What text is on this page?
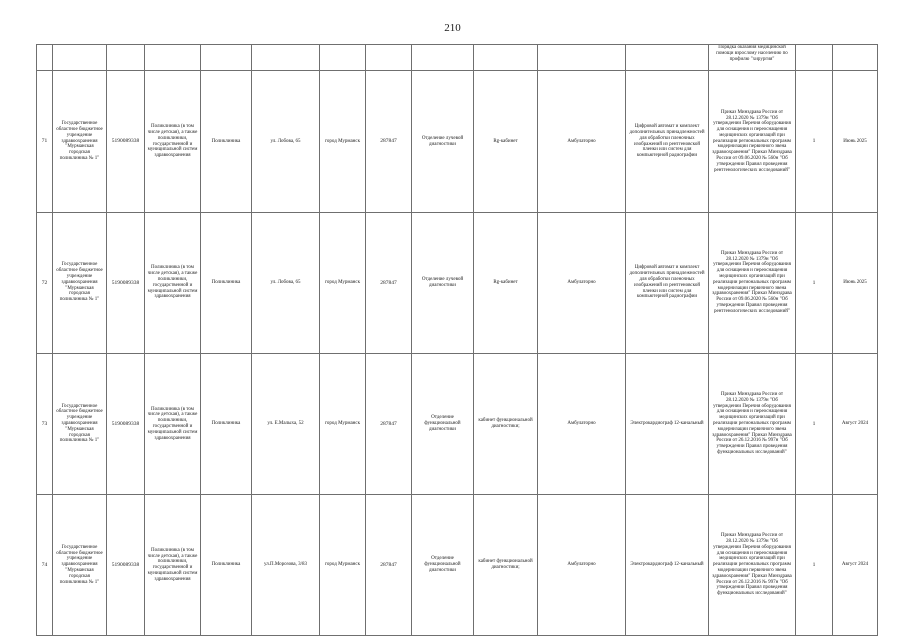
210
												Порядка оказания медицинской помощи взрослому населению по профилю "хирургия"		
71	Государственное областное бюджетное учреждение здравоохранения "Мурманская городская поликлиника № 1"	5190089338	Поликлиника (в том числе детская), а также поликлиники, государственной и муниципальной систем здравоохранения	Поликлиника	ул. Лобова, 65	город Мурманск	287847	Отделение лучевой диагностики	Rg-кабинет	Амбулаторно	Цифровой автомат и комплект дополнительных принадлежностей для обработки пленочных изображений из рентгеновской пленки или систем для компьютерной радиографии	Приказ Минздрава России от 28.12.2020 № 1379н "Об утверждении Перечня оборудования для оснащения и переоснащения медицинских организаций при реализации региональных программ модернизации первичного звена здравоохранения" Приказ Минздрава России от 09.06.2020 № 560н "Об утверждении Правил проведения рентгенологических исследований"	1	Июнь 2025
72	Государственное областное бюджетное учреждение здравоохранения "Мурманская городская поликлиника № 1"	5190089338	Поликлиника (в том числе детская), а также поликлиники, государственной и муниципальной систем здравоохранения	Поликлиника	ул. Лобова, 65	город Мурманск	287847	Отделение лучевой диагностики	Rg-кабинет	Амбулаторно	Цифровой автомат и комплект дополнительных принадлежностей для обработки пленочных изображений из рентгеновской пленки или систем для компьютерной радиографии	Приказ Минздрава России от 28.12.2020 № 1379н "Об утверждении Перечня оборудования для оснащения и переоснащения медицинских организаций при реализации региональных программ модернизации первичного звена здравоохранения" Приказ Минздрава России от 09.06.2020 № 560н "Об утверждении Правил проведения рентгенологических исследований"	1	Июнь 2025
73	Государственное областное бюджетное учреждение здравоохранения "Мурманская городская поликлиника № 1"	5190089338	Поликлиника (в том числе детская), а также поликлиники, государственной и муниципальной систем здравоохранения	Поликлиника	ул. Е.Малыха, 52	город Мурманск	287847	Отделение функциональной диагностики	кабинет функциональной диагностики;	Амбулаторно	Электрокардиограф 12-канальный	Приказ Минздрава России от 28.12.2020 № 1379н "Об утверждении Перечня оборудования для оснащения и переоснащения медицинских организаций при реализации региональных программ модернизации первичного звена здравоохранения" Приказ Минздрава России от 26.12.2016 № 997н "Об утверждении Правил проведения функциональных исследований"	1	Август 2024
74	Государственное областное бюджетное учреждение здравоохранения "Мурманская городская поликлиника № 1"	5190089338	Поликлиника (в том числе детская), а также поликлиники, государственной и муниципальной систем здравоохранения	Поликлиника	ул.П.Морозова, 3/83	город Мурманск	287847	Отделение функциональной диагностики	кабинет функциональной диагностики;	Амбулаторно	Электрокардиограф 12-канальный	Приказ Минздрава России от 28.12.2020 № 1379н "Об утверждении Перечня оборудования для оснащения и переоснащения медицинских организаций при реализации региональных программ модернизации первичного звена здравоохранения" Приказ Минздрава России от 26.12.2016 № 997н "Об утверждении Правил проведения функциональных исследований"	1	Август 2024
